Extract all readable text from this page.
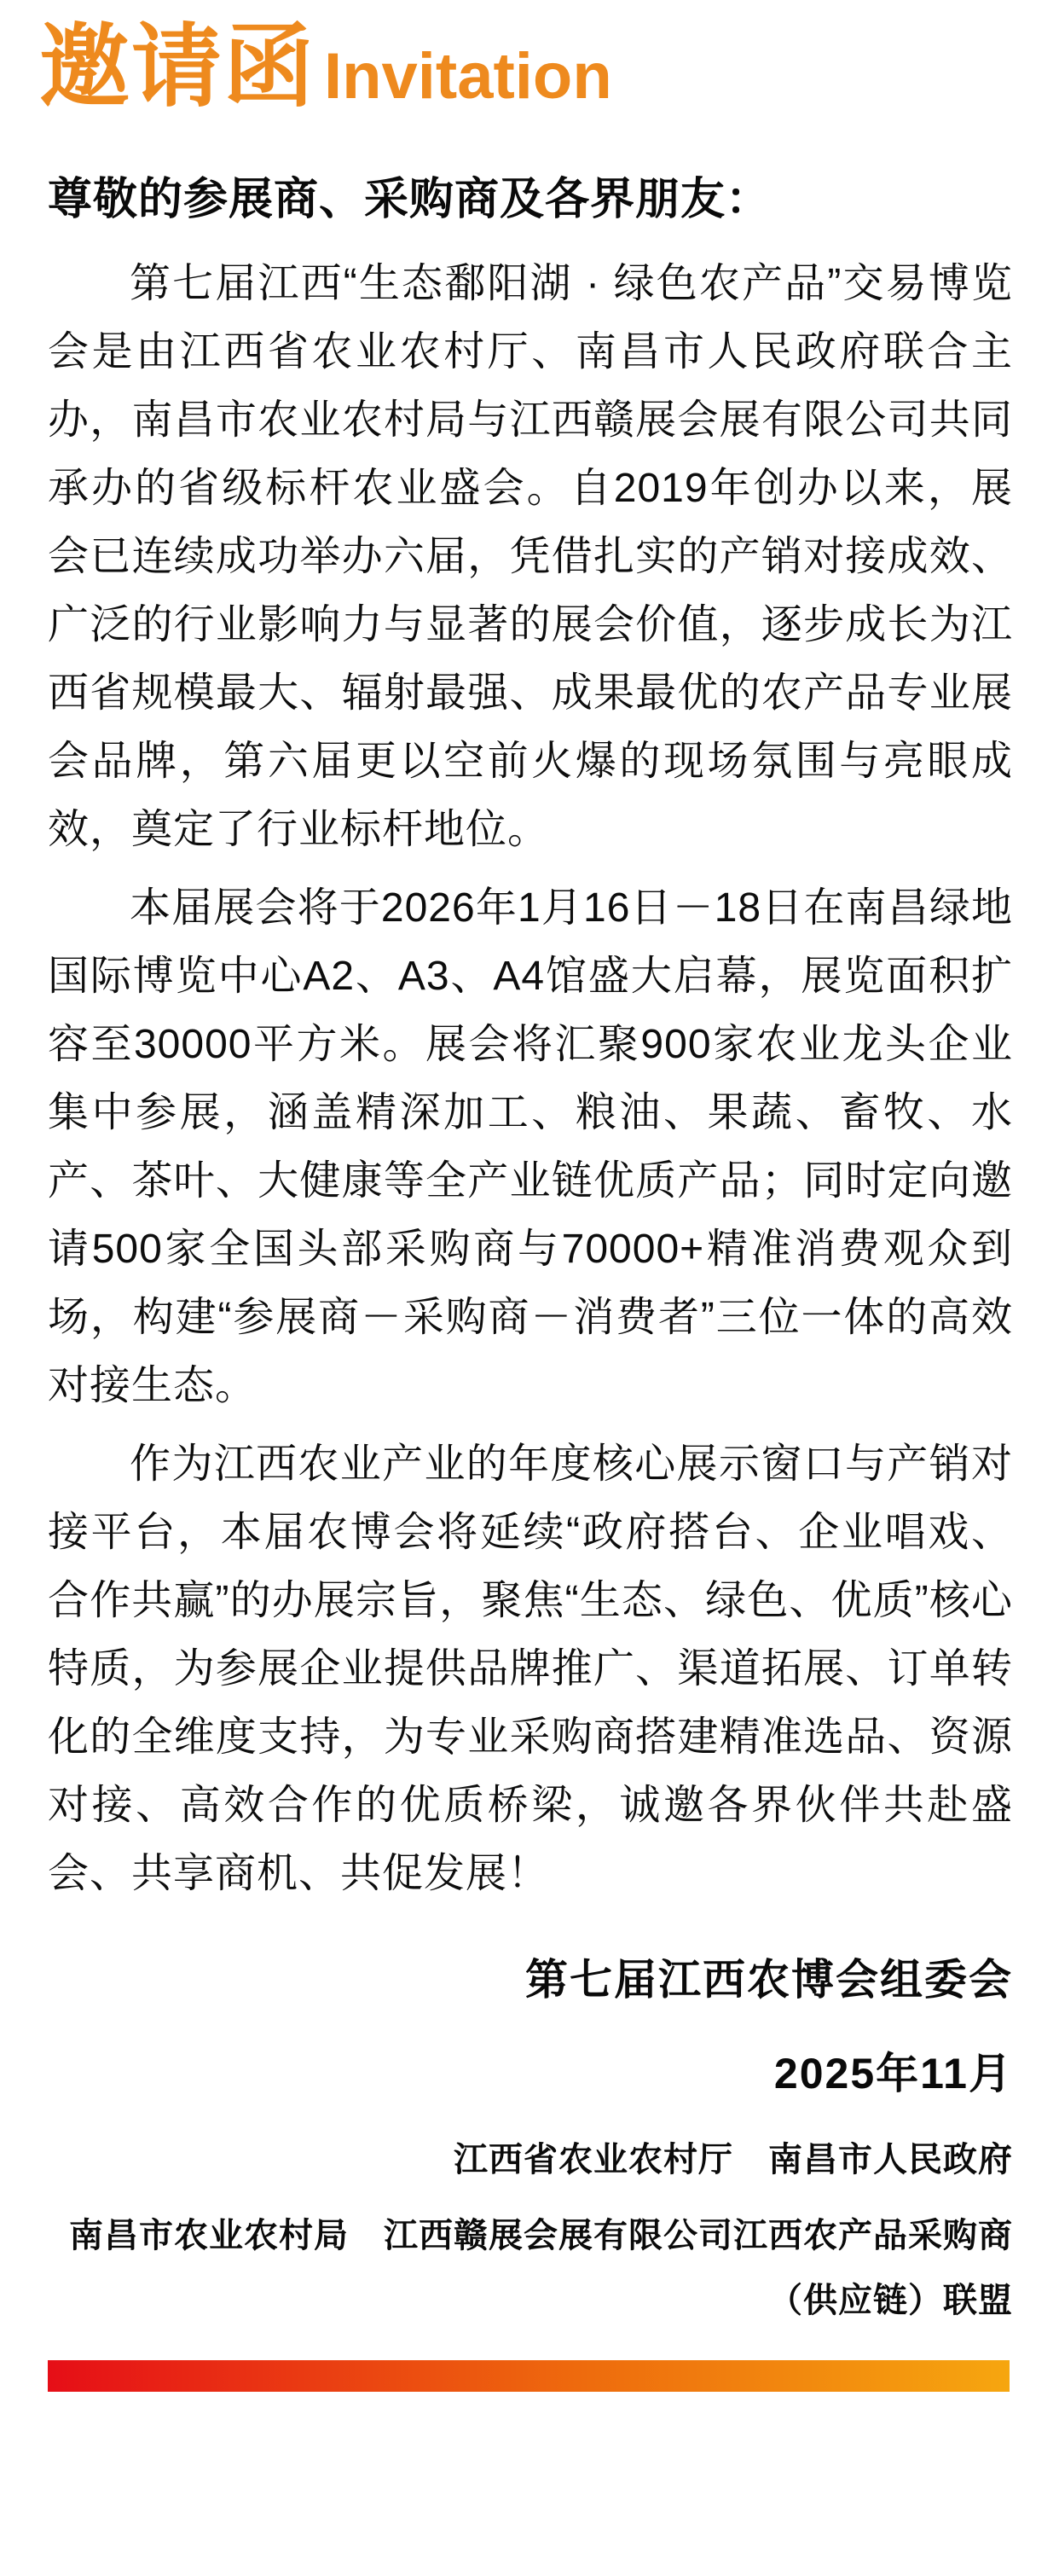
邀请函 Invitation
尊敬的参展商、采购商及各界朋友：

第七届江西“生态鄱阳湖 · 绿色农产品”交易博览会是由江西省农业农村厅、南昌市人民政府联合主办，南昌市农业农村局与江西赣展会展有限公司共同承办的省级标杆农业盛会。自2019年创办以来，展会已连续成功举办六届，凭借扎实的产销对接成效、广泛的行业影响力与显著的展会价值，逐步成长为江西省规模最大、辐射最强、成果最优的农产品专业展会品牌，第六届更以空前火爆的现场氛围与亮眼成效，奠定了行业标杆地位。

本届展会将于2026年1月16日－18日在南昌绿地国际博览中心A2、A3、A4馆盛大启幕，展览面积扩容至30000平方米。展会将汇聚900家农业龙头企业集中参展，涵盖精深加工、粮油、果蔬、畜牧、水产、茶叶、大健康等全产业链优质产品；同时定向邀请500家全国头部采购商与70000+精准消费观众到场，构建“参展商－采购商－消费者”三位一体的高效对接生态。

作为江西农业产业的年度核心展示窗口与产销对接平台，本届农博会将延续“政府搭台、企业唱戏、合作共赢”的办展宗旨，聚焦“生态、绿色、优质”核心特质，为参展企业提供品牌推广、渠道拓展、订单转化的全维度支持，为专业采购商搭建精准选品、资源对接、高效合作的优质桥梁，诚邀各界伙伴共赴盛会、共享商机、共促发展！

第七届江西农博会组委会
2025年11月
江西省农业农村厅　南昌市人民政府
南昌市农业农村局　江西赣展会展有限公司江西农产品采购商（供应链）联盟
